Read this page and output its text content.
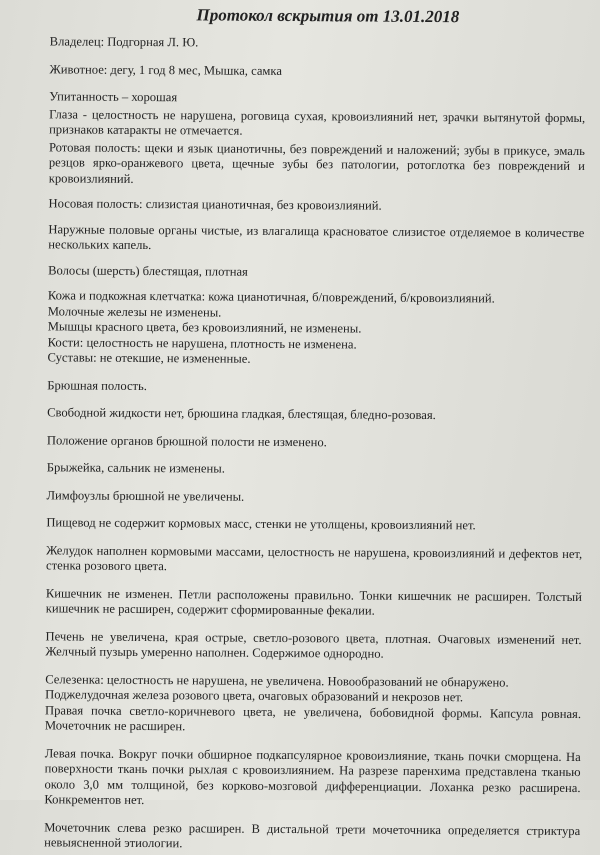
Протокол вскрытия от 13.01.2018

Владелец: Подгорная Л. Ю.

Животное: дегу, 1 год 8 мес, Мышка, самка

Упитанность – хорошая

Глаза - целостность не нарушена, роговица сухая, кровоизлияний нет, зрачки вытянутой формы, признаков катаракты не отмечается.

Ротовая полость: щеки и язык цианотичны, без повреждений и наложений; зубы в прикусе, эмаль резцов ярко-оранжевого цвета, щечные зубы без патологии, ротоглотка без повреждений и кровоизлияний.

Носовая полость: слизистая цианотичная, без кровоизлияний.

Наружные половые органы чистые, из влагалища красноватое слизистое отделяемое в количестве нескольких капель.

Волосы (шерсть) блестящая, плотная

Кожа и подкожная клетчатка: кожа цианотичная, б/повреждений, б/кровоизлияний.

Молочные железы не изменены.

Мышцы красного цвета, без кровоизлияний, не изменены.

Кости: целостность не нарушена, плотность не изменена.

Суставы: не отекшие, не измененные.

Брюшная полость.

Свободной жидкости нет, брюшина гладкая, блестящая, бледно-розовая.

Положение органов брюшной полости не изменено.

Брыжейка, сальник не изменены.

Лимфоузлы брюшной не увеличены.

Пищевод не содержит кормовых масс, стенки не утолщены, кровоизлияний нет.

Желудок наполнен кормовыми массами, целостность не нарушена, кровоизлияний и дефектов нет, стенка розового цвета.

Кишечник не изменен. Петли расположены правильно. Тонки кишечник не расширен. Толстый кишечник не расширен, содержит сформированные фекалии.

Печень не увеличена, края острые, светло-розового цвета, плотная. Очаговых изменений нет. Желчный пузырь умеренно наполнен. Содержимое однородно.

Селезенка: целостность не нарушена, не увеличена. Новообразований не обнаружено.

Поджелудочная железа розового цвета, очаговых образований и некрозов нет.

Правая почка светло-коричневого цвета, не увеличена, бобовидной формы. Капсула ровная. Мочеточник не расширен.

Левая почка. Вокруг почки обширное подкапсулярное кровоизлияние, ткань почки сморщена. На поверхности ткань почки рыхлая с кровоизлиянием. На разрезе паренхима представлена тканью около 3,0 мм толщиной, без корково-мозговой дифференциации. Лоханка резко расширена. Конкрементов нет.

Мочеточник слева резко расширен. В дистальной трети мочеточника определяется стриктура невыясненной этиологии.
